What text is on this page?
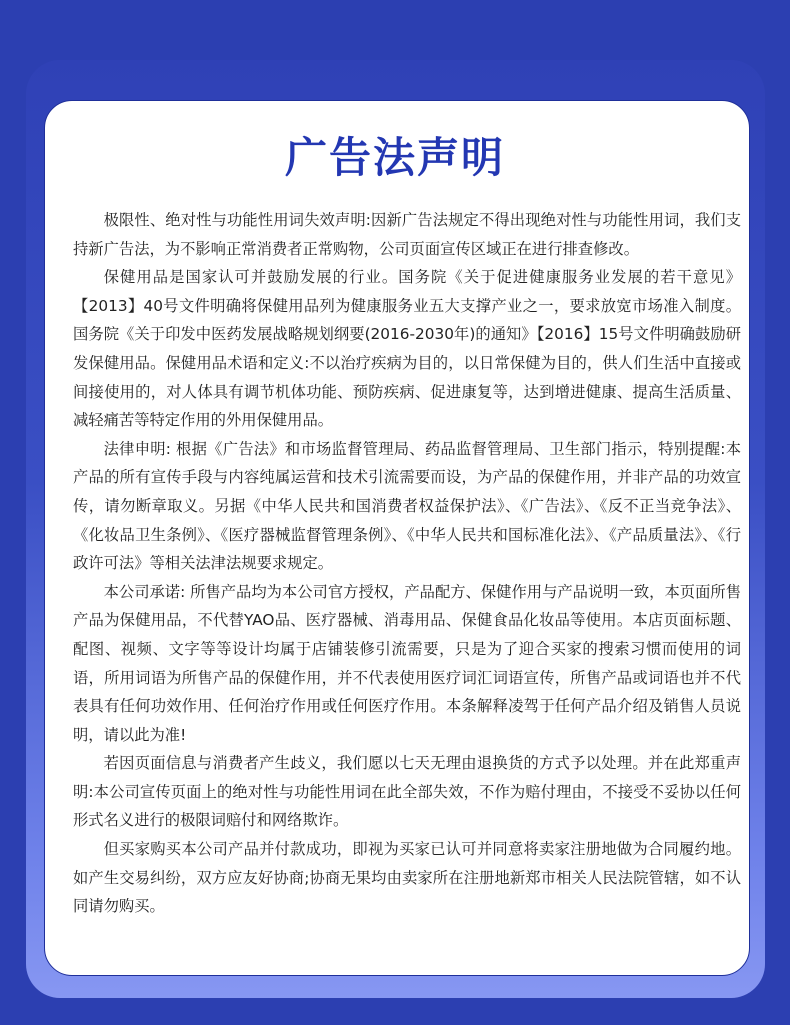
广告法声明

极限性、绝对性与功能性用词失效声明:因新广告法规定不得出现绝对性与功能性用词，我们支持新广告法，为不影响正常消费者正常购物，公司页面宣传区域正在进行排查修改。

保健用品是国家认可并鼓励发展的行业。国务院《关于促进健康服务业发展的若干意见》【2013】40号文件明确将保健用品列为健康服务业五大支撑产业之一，要求放宽市场准入制度。国务院《关于印发中医药发展战略规划纲要(2016-2030年)的通知》【2016】15号文件明确鼓励研发保健用品。保健用品术语和定义:不以治疗疾病为目的，以日常保健为目的，供人们生活中直接或间接使用的，对人体具有调节机体功能、预防疾病、促进康复等，达到增进健康、提高生活质量、减轻痛苦等特定作用的外用保健用品。

法律申明: 根据《广告法》和市场监督管理局、药品监督管理局、卫生部门指示，特别提醒:本产品的所有宣传手段与内容纯属运营和技术引流需要而设，为产品的保健作用，并非产品的功效宣传，请勿断章取义。另据《中华人民共和国消费者权益保护法》、《广告法》、《反不正当竞争法》、《化妆品卫生条例》、《医疗器械监督管理条例》、《中华人民共和国标准化法》、《产品质量法》、《行政许可法》等相关法津法规要求规定。

本公司承诺: 所售产品均为本公司官方授权，产品配方、保健作用与产品说明一致，本页面所售产品为保健用品，不代替YAO品、医疗器械、消毒用品、保健食品化妆品等使用。本店页面标题、配图、视频、文字等等设计均属于店铺装修引流需要，只是为了迎合买家的搜索习惯而使用的词语，所用词语为所售产品的保健作用，并不代表使用医疗词汇词语宣传，所售产品或词语也并不代表具有任何功效作用、任何治疗作用或任何医疗作用。本条解释凌驾于任何产品介绍及销售人员说明，请以此为准!

若因页面信息与消费者产生歧义，我们愿以七天无理由退换货的方式予以处理。并在此郑重声明:本公司宣传页面上的绝对性与功能性用词在此全部失效，不作为赔付理由，不接受不妥协以任何形式名义进行的极限词赔付和网络欺诈。

但买家购买本公司产品并付款成功，即视为买家已认可并同意将卖家注册地做为合同履约地。如产生交易纠纷，双方应友好协商;协商无果均由卖家所在注册地新郑市相关人民法院管辖，如不认同请勿购买。
